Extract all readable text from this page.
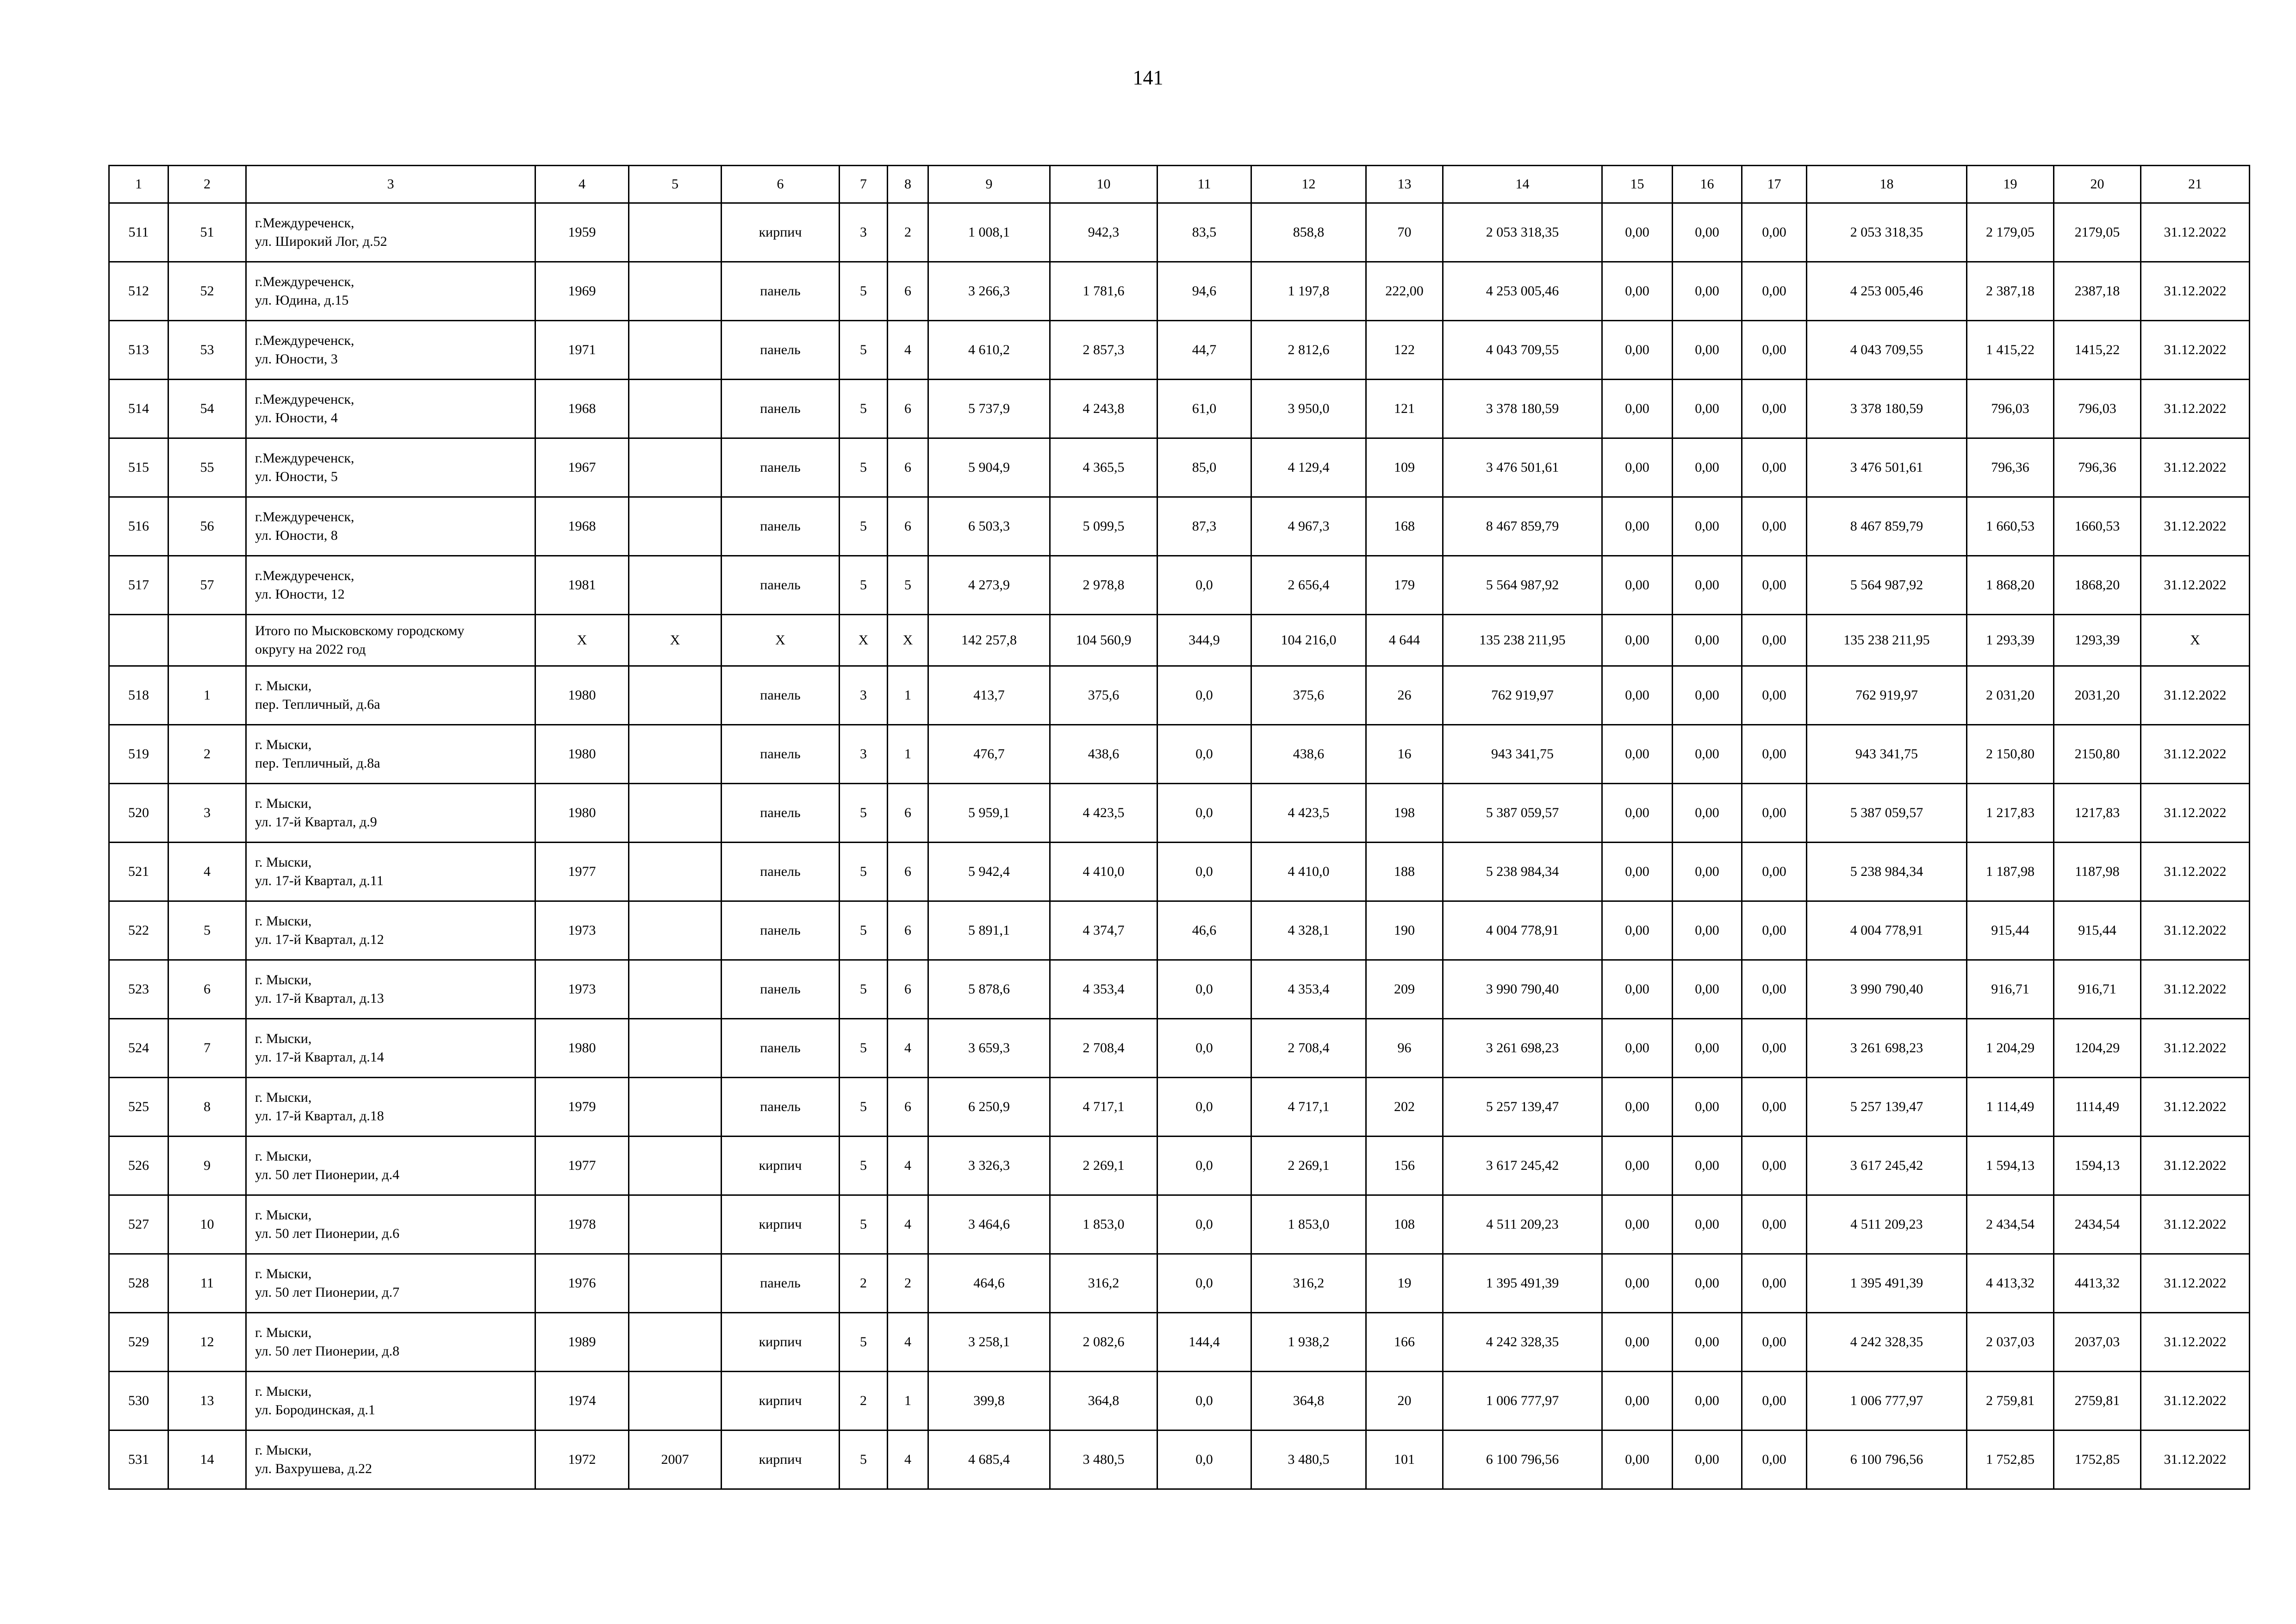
141
1	2	3	4	5	6	7	8	9	10	11	12	13	14	15	16	17	18	19	20	21
511	51	г.Междуреченск,
ул. Широкий Лог, д.52	1959		кирпич	3	2	1 008,1	942,3	83,5	858,8	70	2 053 318,35	0,00	0,00	0,00	2 053 318,35	2 179,05	2179,05	31.12.2022
512	52	г.Междуреченск,
ул. Юдина, д.15	1969		панель	5	6	3 266,3	1 781,6	94,6	1 197,8	222,00	4 253 005,46	0,00	0,00	0,00	4 253 005,46	2 387,18	2387,18	31.12.2022
513	53	г.Междуреченск,
ул. Юности, 3	1971		панель	5	4	4 610,2	2 857,3	44,7	2 812,6	122	4 043 709,55	0,00	0,00	0,00	4 043 709,55	1 415,22	1415,22	31.12.2022
514	54	г.Междуреченск,
ул. Юности, 4	1968		панель	5	6	5 737,9	4 243,8	61,0	3 950,0	121	3 378 180,59	0,00	0,00	0,00	3 378 180,59	796,03	796,03	31.12.2022
515	55	г.Междуреченск,
ул. Юности, 5	1967		панель	5	6	5 904,9	4 365,5	85,0	4 129,4	109	3 476 501,61	0,00	0,00	0,00	3 476 501,61	796,36	796,36	31.12.2022
516	56	г.Междуреченск,
ул. Юности, 8	1968		панель	5	6	6 503,3	5 099,5	87,3	4 967,3	168	8 467 859,79	0,00	0,00	0,00	8 467 859,79	1 660,53	1660,53	31.12.2022
517	57	г.Междуреченск,
ул. Юности, 12	1981		панель	5	5	4 273,9	2 978,8	0,0	2 656,4	179	5 564 987,92	0,00	0,00	0,00	5 564 987,92	1 868,20	1868,20	31.12.2022

		Итого по Мысковскому городскому
округу на 2022 год	Х	Х	Х	Х	Х	142 257,8	104 560,9	344,9	104 216,0	4 644	135 238 211,95	0,00	0,00	0,00	135 238 211,95	1 293,39	1293,39	Х
518	1	г. Мыски,
пер. Тепличный, д.6а	1980		панель	3	1	413,7	375,6	0,0	375,6	26	762 919,97	0,00	0,00	0,00	762 919,97	2 031,20	2031,20	31.12.2022
519	2	г. Мыски,
пер. Тепличный, д.8а	1980		панель	3	1	476,7	438,6	0,0	438,6	16	943 341,75	0,00	0,00	0,00	943 341,75	2 150,80	2150,80	31.12.2022
520	3	г. Мыски,
ул. 17-й Квартал, д.9	1980		панель	5	6	5 959,1	4 423,5	0,0	4 423,5	198	5 387 059,57	0,00	0,00	0,00	5 387 059,57	1 217,83	1217,83	31.12.2022
521	4	г. Мыски,
ул. 17-й Квартал, д.11	1977		панель	5	6	5 942,4	4 410,0	0,0	4 410,0	188	5 238 984,34	0,00	0,00	0,00	5 238 984,34	1 187,98	1187,98	31.12.2022
522	5	г. Мыски,
ул. 17-й Квартал, д.12	1973		панель	5	6	5 891,1	4 374,7	46,6	4 328,1	190	4 004 778,91	0,00	0,00	0,00	4 004 778,91	915,44	915,44	31.12.2022
523	6	г. Мыски,
ул. 17-й Квартал, д.13	1973		панель	5	6	5 878,6	4 353,4	0,0	4 353,4	209	3 990 790,40	0,00	0,00	0,00	3 990 790,40	916,71	916,71	31.12.2022
524	7	г. Мыски,
ул. 17-й Квартал, д.14	1980		панель	5	4	3 659,3	2 708,4	0,0	2 708,4	96	3 261 698,23	0,00	0,00	0,00	3 261 698,23	1 204,29	1204,29	31.12.2022
525	8	г. Мыски,
ул. 17-й Квартал, д.18	1979		панель	5	6	6 250,9	4 717,1	0,0	4 717,1	202	5 257 139,47	0,00	0,00	0,00	5 257 139,47	1 114,49	1114,49	31.12.2022
526	9	г. Мыски,
ул. 50 лет Пионерии, д.4	1977		кирпич	5	4	3 326,3	2 269,1	0,0	2 269,1	156	3 617 245,42	0,00	0,00	0,00	3 617 245,42	1 594,13	1594,13	31.12.2022
527	10	г. Мыски,
ул. 50 лет Пионерии, д.6	1978		кирпич	5	4	3 464,6	1 853,0	0,0	1 853,0	108	4 511 209,23	0,00	0,00	0,00	4 511 209,23	2 434,54	2434,54	31.12.2022
528	11	г. Мыски,
ул. 50 лет Пионерии, д.7	1976		панель	2	2	464,6	316,2	0,0	316,2	19	1 395 491,39	0,00	0,00	0,00	1 395 491,39	4 413,32	4413,32	31.12.2022
529	12	г. Мыски,
ул. 50 лет Пионерии, д.8	1989		кирпич	5	4	3 258,1	2 082,6	144,4	1 938,2	166	4 242 328,35	0,00	0,00	0,00	4 242 328,35	2 037,03	2037,03	31.12.2022
530	13	г. Мыски,
ул. Бородинская, д.1	1974		кирпич	2	1	399,8	364,8	0,0	364,8	20	1 006 777,97	0,00	0,00	0,00	1 006 777,97	2 759,81	2759,81	31.12.2022
531	14	г. Мыски,
ул. Вахрушева, д.22	1972	2007	кирпич	5	4	4 685,4	3 480,5	0,0	3 480,5	101	6 100 796,56	0,00	0,00	0,00	6 100 796,56	1 752,85	1752,85	31.12.2022
